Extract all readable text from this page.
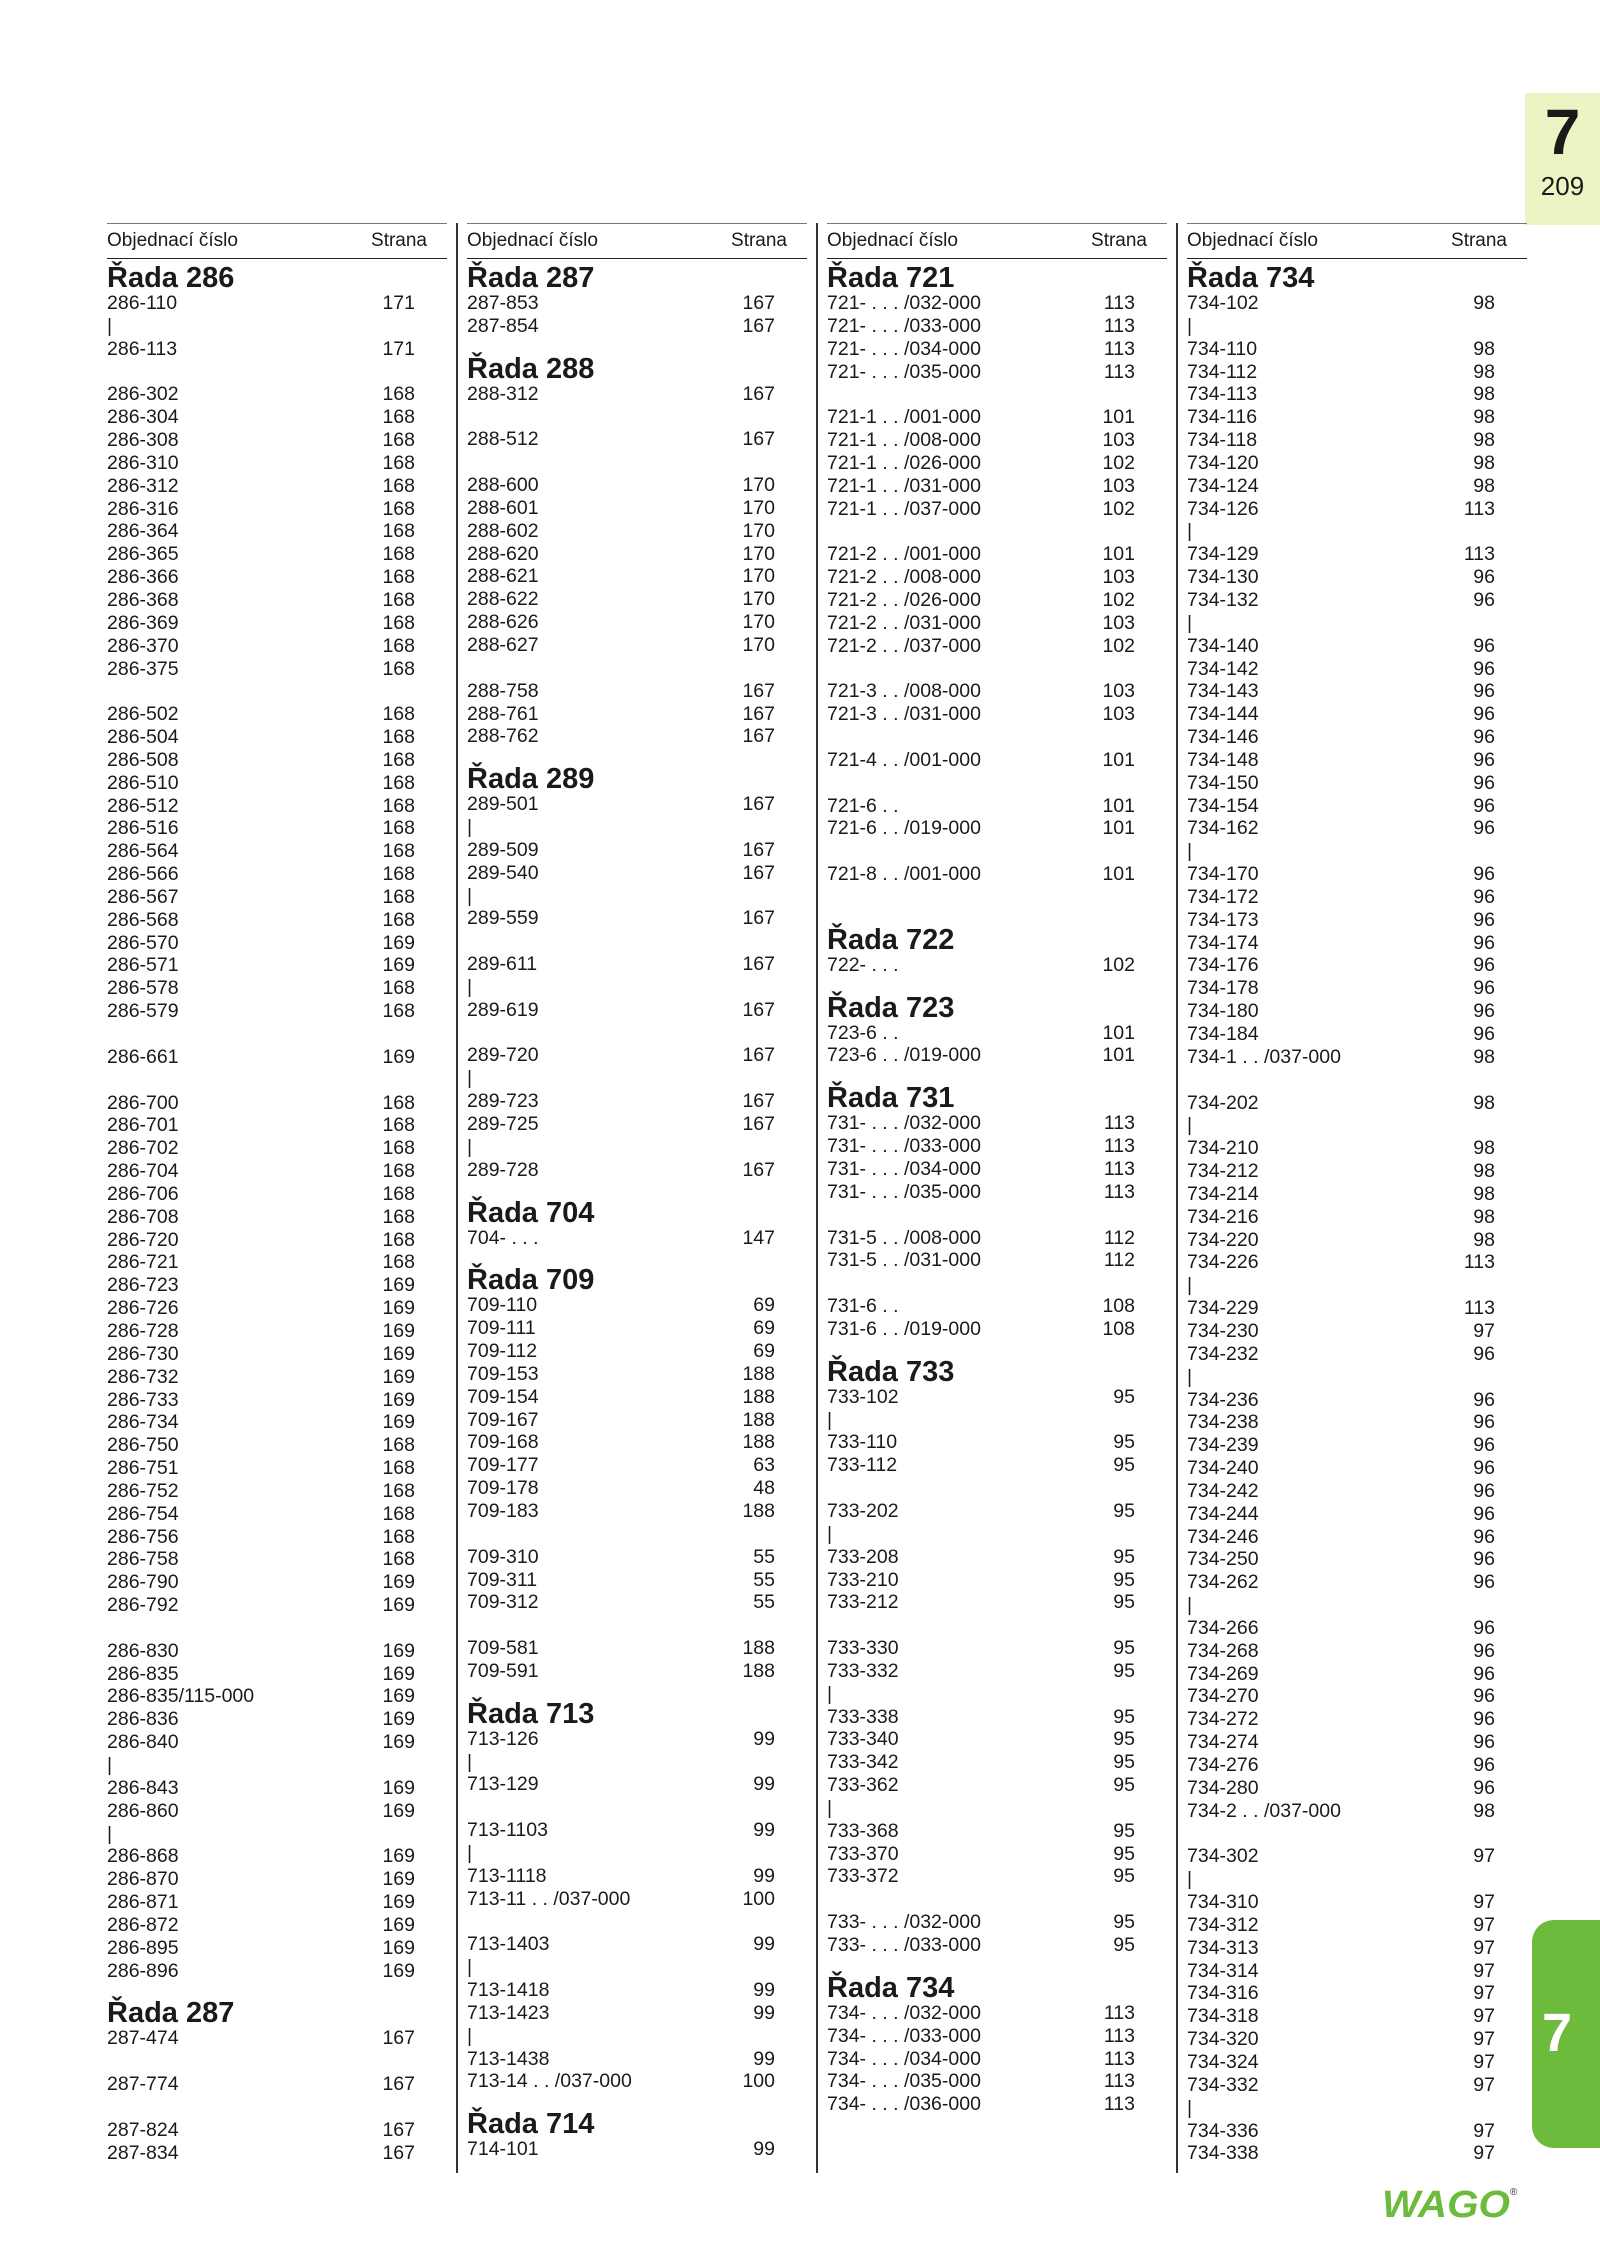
7
209
Objednací číslo	Strana
Řada 286
286-110	171
|
286-113	171
286-302	168
286-304	168
286-308	168
286-310	168
286-312	168
286-316	168
286-364	168
286-365	168
286-366	168
286-368	168
286-369	168
286-370	168
286-375	168
286-502	168
286-504	168
286-508	168
286-510	168
286-512	168
286-516	168
286-564	168
286-566	168
286-567	168
286-568	168
286-570	169
286-571	169
286-578	168
286-579	168
286-661	169
286-700	168
286-701	168
286-702	168
286-704	168
286-706	168
286-708	168
286-720	168
286-721	168
286-723	169
286-726	169
286-728	169
286-730	169
286-732	169
286-733	169
286-734	169
286-750	168
286-751	168
286-752	168
286-754	168
286-756	168
286-758	168
286-790	169
286-792	169
286-830	169
286-835	169
286-835/115-000	169
286-836	169
286-840	169
|
286-843	169
286-860	169
|
286-868	169
286-870	169
286-871	169
286-872	169
286-895	169
286-896	169
Řada 287
287-474	167
287-774	167
287-824	167
287-834	167
Objednací číslo	Strana
Řada 287
287-853	167
287-854	167
Řada 288
288-312	167
288-512	167
288-600	170
288-601	170
288-602	170
288-620	170
288-621	170
288-622	170
288-626	170
288-627	170
288-758	167
288-761	167
288-762	167
Řada 289
289-501	167
|
289-509	167
289-540	167
|
289-559	167
289-611	167
|
289-619	167
289-720	167
|
289-723	167
289-725	167
|
289-728	167
Řada 704
704- . . .	147
Řada 709
709-110	69
709-111	69
709-112	69
709-153	188
709-154	188
709-167	188
709-168	188
709-177	63
709-178	48
709-183	188
709-310	55
709-311	55
709-312	55
709-581	188
709-591	188
Řada 713
713-126	99
|
713-129	99
713-1103	99
|
713-1118	99
713-11 . . /037-000	100
713-1403	99
|
713-1418	99
713-1423	99
|
713-1438	99
713-14 . . /037-000	100
Řada 714
714-101	99
Objednací číslo	Strana
Řada 721
721- . . . /032-000	113
721- . . . /033-000	113
721- . . . /034-000	113
721- . . . /035-000	113
721-1 . . /001-000	101
721-1 . . /008-000	103
721-1 . . /026-000	102
721-1 . . /031-000	103
721-1 . . /037-000	102
721-2 . . /001-000	101
721-2 . . /008-000	103
721-2 . . /026-000	102
721-2 . . /031-000	103
721-2 . . /037-000	102
721-3 . . /008-000	103
721-3 . . /031-000	103
721-4 . . /001-000	101
721-6 . .	101
721-6 . . /019-000	101
721-8 . . /001-000	101
Řada 722
722- . . .	102
Řada 723
723-6 . .	101
723-6 . . /019-000	101
Řada 731
731- . . . /032-000	113
731- . . . /033-000	113
731- . . . /034-000	113
731- . . . /035-000	113
731-5 . . /008-000	112
731-5 . . /031-000	112
731-6 . .	108
731-6 . . /019-000	108
Řada 733
733-102	95
|
733-110	95
733-112	95
733-202	95
|
733-208	95
733-210	95
733-212	95
733-330	95
733-332	95
|
733-338	95
733-340	95
733-342	95
733-362	95
|
733-368	95
733-370	95
733-372	95
733- . . . /032-000	95
733- . . . /033-000	95
Řada 734
734- . . . /032-000	113
734- . . . /033-000	113
734- . . . /034-000	113
734- . . . /035-000	113
734- . . . /036-000	113
Objednací číslo	Strana
Řada 734
734-102	98
|
734-110	98
734-112	98
734-113	98
734-116	98
734-118	98
734-120	98
734-124	98
734-126	113
|
734-129	113
734-130	96
734-132	96
|
734-140	96
734-142	96
734-143	96
734-144	96
734-146	96
734-148	96
734-150	96
734-154	96
734-162	96
|
734-170	96
734-172	96
734-173	96
734-174	96
734-176	96
734-178	96
734-180	96
734-184	96
734-1 . . /037-000	98
734-202	98
|
734-210	98
734-212	98
734-214	98
734-216	98
734-220	98
734-226	113
|
734-229	113
734-230	97
734-232	96
|
734-236	96
734-238	96
734-239	96
734-240	96
734-242	96
734-244	96
734-246	96
734-250	96
734-262	96
|
734-266	96
734-268	96
734-269	96
734-270	96
734-272	96
734-274	96
734-276	96
734-280	96
734-2 . . /037-000	98
734-302	97
|
734-310	97
734-312	97
734-313	97
734-314	97
734-316	97
734-318	97
734-320	97
734-324	97
734-332	97
|
734-336	97
734-338	97
7
WAGO ®
